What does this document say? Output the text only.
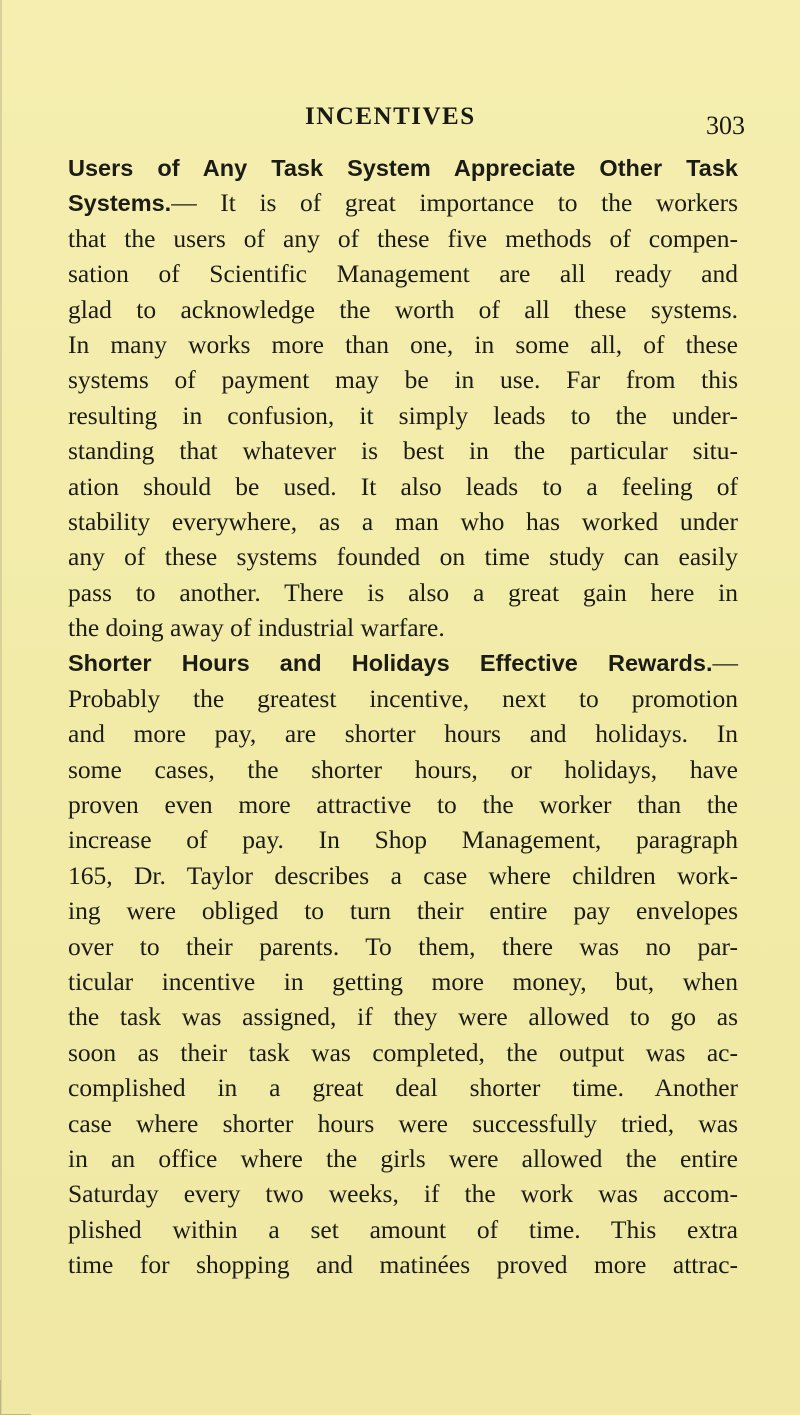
INCENTIVES	303
Users of Any Task System Appreciate Other Task
Systems.— It is of great importance to the workers
that the users of any of these five methods of compen-
sation of Scientific Management are all ready and
glad to acknowledge the worth of all these systems.
In many works more than one, in some all, of these
systems of payment may be in use. Far from this
resulting in confusion, it simply leads to the under-
standing that whatever is best in the particular situ-
ation should be used. It also leads to a feeling of
stability everywhere, as a man who has worked under
any of these systems founded on time study can easily
pass to another. There is also a great gain here in
the doing away of industrial warfare.
Shorter Hours and Holidays Effective Rewards.—
Probably the greatest incentive, next to promotion
and more pay, are shorter hours and holidays. In
some cases, the shorter hours, or holidays, have
proven even more attractive to the worker than the
increase of pay. In Shop Management, paragraph
165, Dr. Taylor describes a case where children work-
ing were obliged to turn their entire pay envelopes
over to their parents. To them, there was no par-
ticular incentive in getting more money, but, when
the task was assigned, if they were allowed to go as
soon as their task was completed, the output was ac-
complished in a great deal shorter time. Another
case where shorter hours were successfully tried, was
in an office where the girls were allowed the entire
Saturday every two weeks, if the work was accom-
plished within a set amount of time. This extra
time for shopping and matinées proved more attrac-
